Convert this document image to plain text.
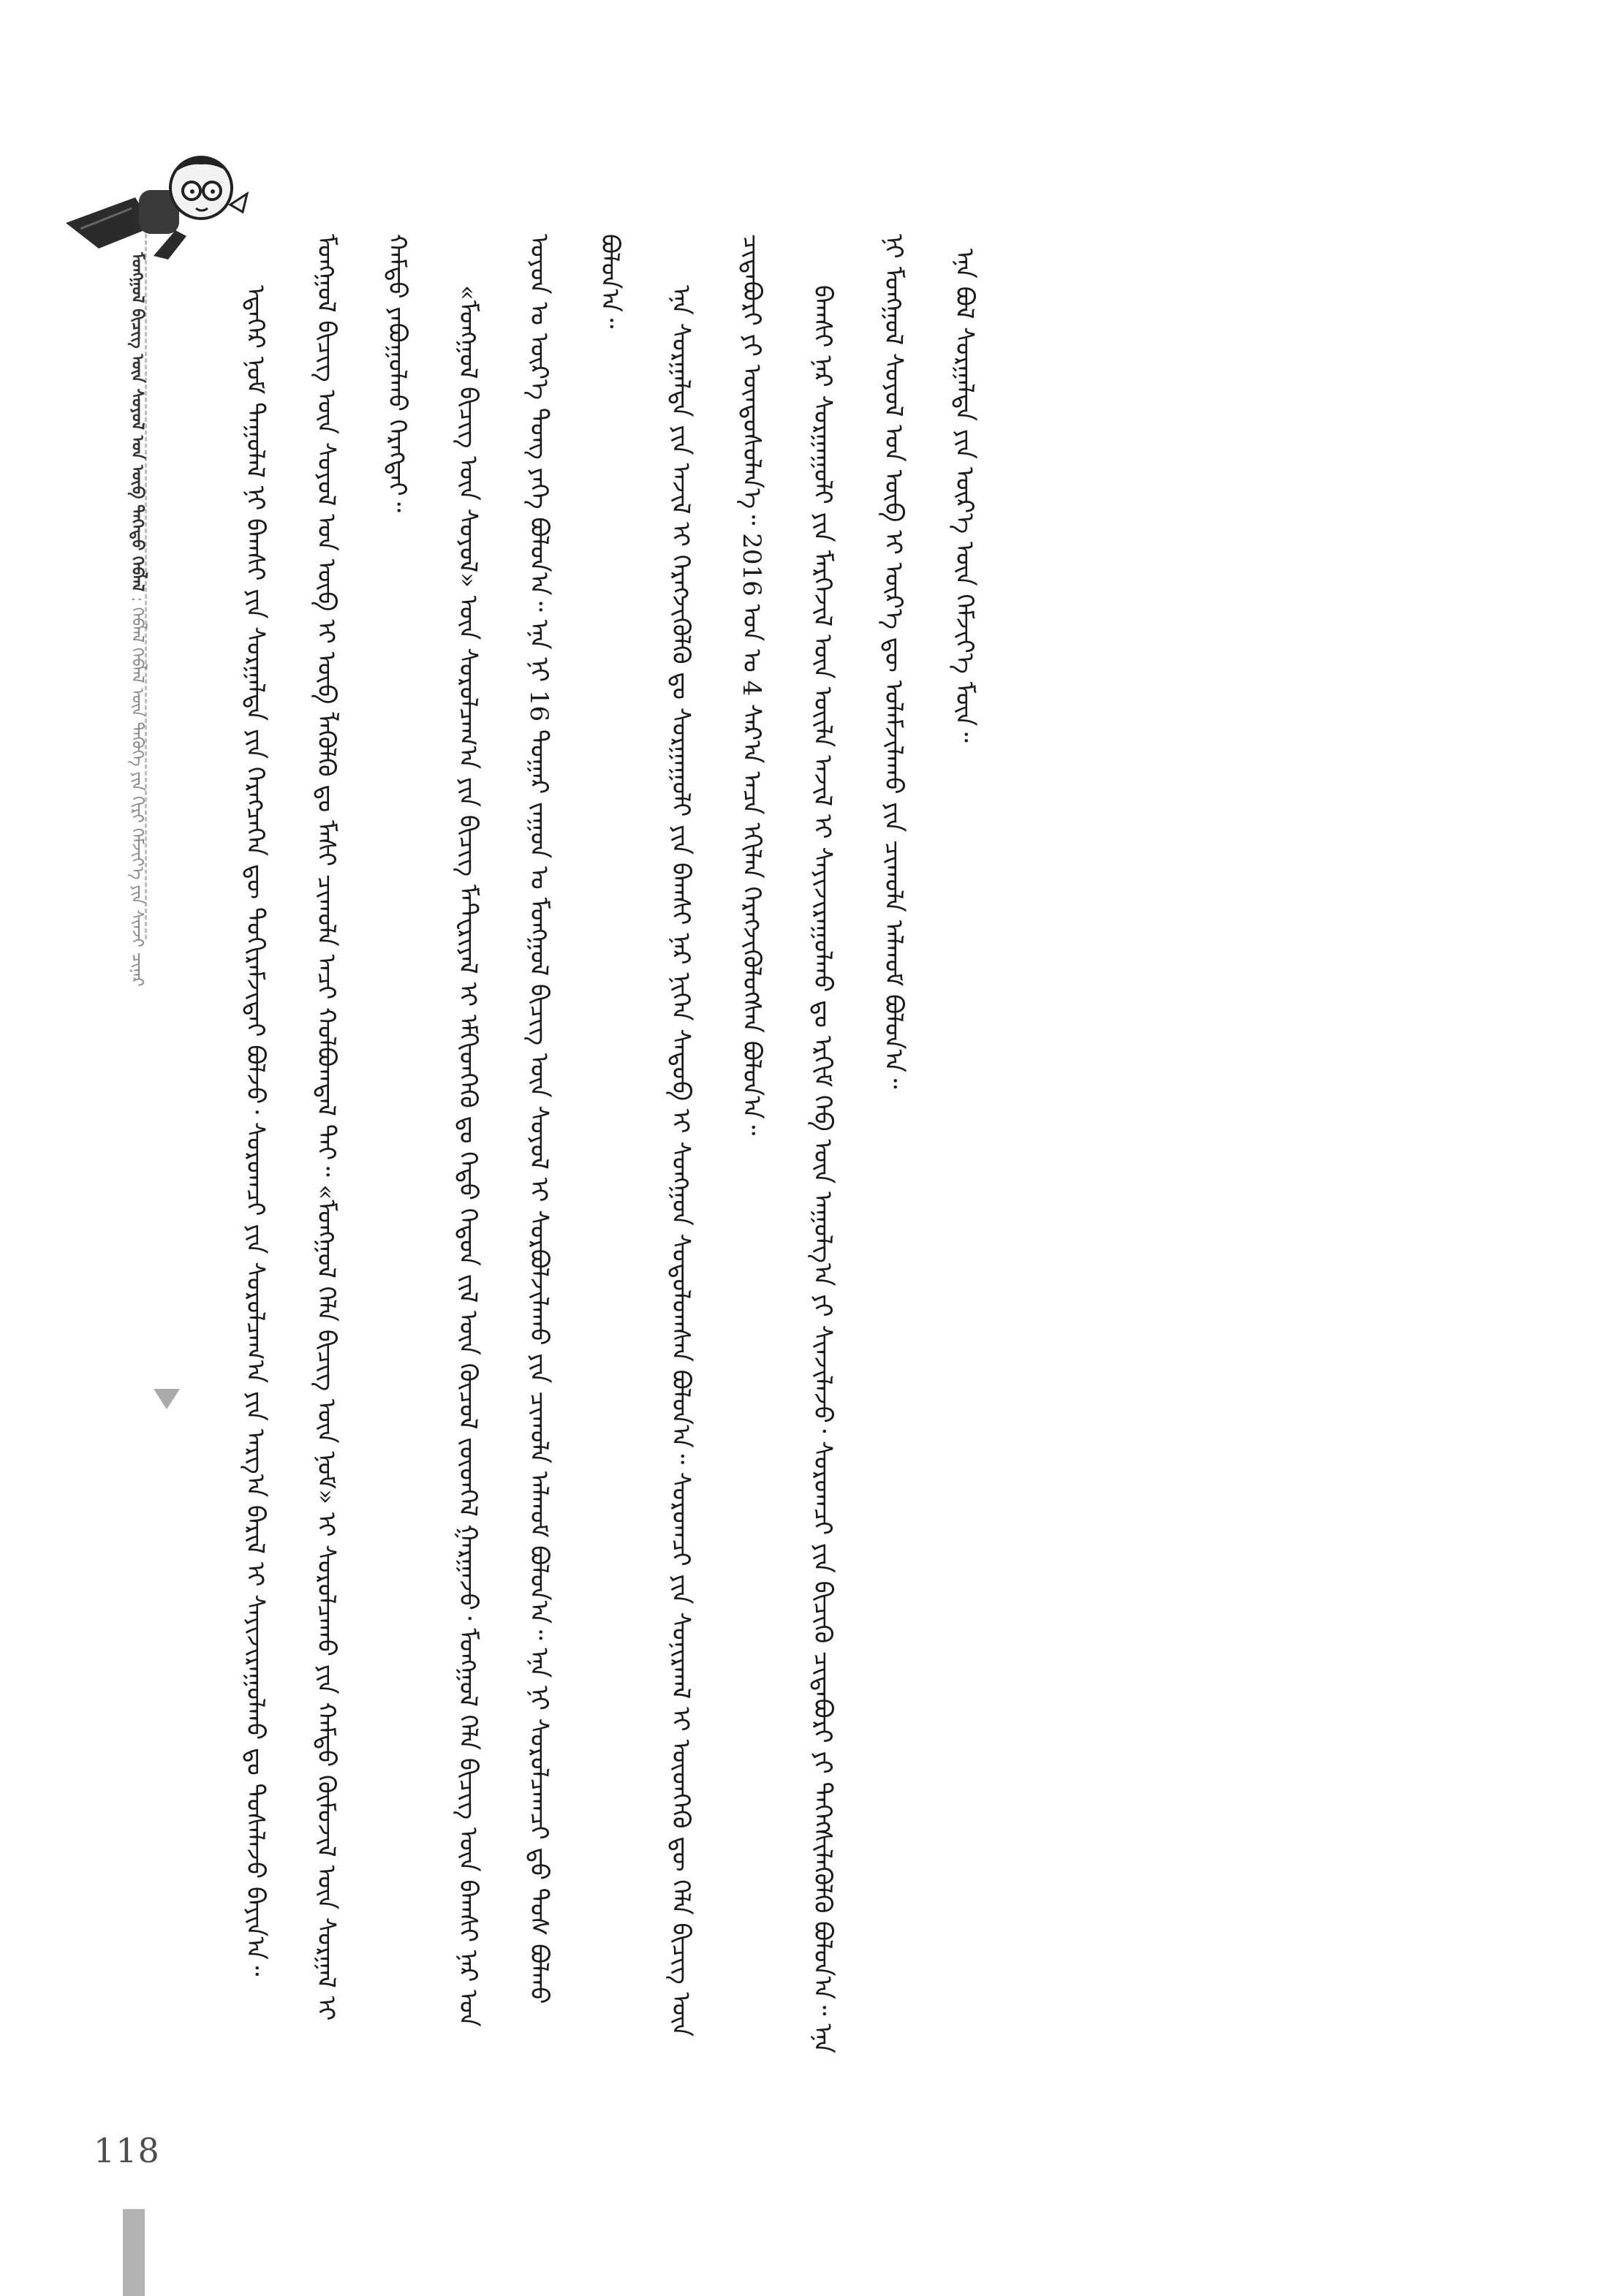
ᠮᠣᠩᠭᠣᠯ ᠪᠢᠴᠢᠭ᠌ ᠦᠨ ᠰᠣᠶᠣᠯ ᠤᠨ ᠦᠪ ᠳᠡᠭᠡᠳᠦ ᠬᠡᠪᠯᠡᠯ : ᠬᠡᠪᠯᠡᠯ ᠬᠡᠪᠯᠡᠯ ᠦᠨ ᠲᠡᠭᠦᠬᠡ ᠶᠢᠨ ᠬᠢᠷᠢ ᠬᠡᠮᠵᠢᠶ᠎ᠡ ᠶᠢᠨ ᠰᠢᠨᠵᠢ ᠴᠢᠨᠠᠷ	ᠡᠳᠡᠭᠡᠷ ᠨᠣᠮ ᠳᠠᠭᠤᠯᠠᠯ ᠨᠢ ᠪᠠᠭᠰᠢ ᠶᠢᠨ ᠰᠤᠷᠭᠠᠯᠲᠠ ᠶᠢᠨ ᠬᠡᠷᠡᠭᠴᠡᠭᠡᠨ ᠳᠦ ᠲᠣᠬᠢᠷᠠᠮᠵᠢᠲᠠᠶ ᠪᠣᠯᠵᠤ᠂ ᠰᠤᠷᠤᠭᠴᠢ ᠶᠢᠨ ᠰᠤᠷᠤᠯᠴᠠᠭ᠎ᠠ ᠶᠢᠨ ᠠᠷᠭ᠎ᠠ ᠪᠠᠷᠢᠯ ᠢ ᠰᠠᠶᠢᠵᠢᠷᠠᠭᠤᠯᠬᠤ ᠳᠤ ᠲᠤᠰᠠᠯᠠᠵᠤ ᠪᠠᠶᠢᠨ᠎ᠠ᠃ ᠮᠣᠩᠭᠣᠯ ᠪᠢᠴᠢᠭ᠌ ᠦᠨ ᠰᠣᠶᠣᠯ ᠤᠨ ᠦᠪ ᠢ ᠥᠪ ᠯᠡᠭᠦᠯᠬᠦ ᠳᠤ ᠮᠠᠰᠢ ᠴᠢᠬᠤᠯᠠ ᠠᠴᠢ ᠬᠣᠯᠪᠣᠭᠳᠠᠯ ᠲᠠᠶ᠃ «ᠮᠣᠩᠭᠣᠯ ᠬᠡᠯᠡ ᠪᠢᠴᠢᠭ᠌ ᠦᠨ ᠨᠣᠮ» ᠢ ᠰᠤᠷᠤᠯᠴᠠᠬᠤ ᠶᠢᠨ ᠬᠠᠮᠲᠤ ᠬᠦᠮᠦᠵᠢᠯ ᠦᠨ ᠰᠤᠷᠭᠠᠯ ᠢ ᠬᠠᠮᠲᠤ ᠶᠠᠪᠤᠭᠤᠯᠬᠤ ᠬᠡᠷᠡᠭᠲᠡᠶ᠃	«ᠮᠣᠩᠭᠣᠯ ᠪᠢᠴᠢᠭ᠌ ᠦᠨ ᠰᠣᠶᠣᠯ» ᠦᠨ ᠰᠤᠷᠤᠯᠴᠠᠭ᠎ᠠ ᠶᠢᠨ ᠪᠢᠴᠢᠭ ᠮᠠᠲ᠋ᠧᠷᠢᠶᠠᠯ ᠢ ᠡᠮᠬᠢᠳᠭᠡᠬᠦ ᠳᠤ ᠬᠡᠳᠦ ᠬᠡᠳᠦᠨ ᠵᠢᠯ ᠦᠨ ᠬᠦᠴᠦᠯ ᠵᠦᠳᠭᠡᠯ ᠭᠠᠷᠭᠠᠵᠤ᠂ ᠮᠣᠩᠭᠣᠯ ᠬᠡᠯᠡ ᠪᠢᠴᠢᠭ᠌ ᠦᠨ ᠪᠠᠭᠰᠢ ᠨᠠᠷ ᠤᠨ ᠣᠶᠤᠨ ᠤ ᠦᠷ᠎ᠡ ᠲᠤᠩ ᠶᠡᠬᠡ ᠪᠣᠯᠤᠨ᠎ᠠ᠃ ᠡᠨᠡ ᠨᠢ 16 ᠳᠤᠭᠠᠷ ᠵᠠᠭᠤᠨ ᠤ ᠮᠣᠩᠭᠣᠯ ᠪᠢᠴᠢᠭ᠌ ᠦᠨ ᠰᠣᠶᠣᠯ ᠢ ᠰᠤᠷᠪᠤᠯᠵᠢᠯᠠᠬᠤ ᠶᠢᠨ ᠴᠢᠬᠤᠯᠠ ᠠᠯᠬᠤᠮ ᠪᠣᠯᠤᠨ᠎ᠠ᠃ ᠡᠨᠡ ᠨᠢ ᠰᠤᠷᠤᠯᠴᠠᠭᠴᠢ ᠳ᠋ᠤ ᠲᠤᠰ ᠪᠣᠯᠬᠤ ᠪᠣᠯᠤᠨ᠎ᠠ᠃

ᠡᠨᠡ ᠰᠤᠷᠭᠠᠯᠲᠠ ᠶᠢᠨ ᠠᠵᠢᠯ ᠢ ᠬᠡᠷᠡᠭᠵᠢᠭᠦᠯᠬᠦ ᠳᠤ ᠰᠤᠷᠭᠠᠭᠤᠯᠢ ᠶᠢᠨ ᠪᠠᠭᠰᠢ ᠨᠠᠷ ᠨᠢᠭᠡᠨ ᠰᠡᠳᠦᠪ ᠢ ᠰᠣᠩᠭᠣᠨ ᠰᠤᠳᠤᠯᠤᠭᠰᠠᠨ ᠪᠣᠯᠤᠨ᠎ᠠ᠃ ᠰᠤᠷᠤᠭᠴᠢ ᠶᠢᠨ ᠰᠣᠨᠢᠷᠬᠠᠯ ᠢ ᠦᠳᠬᠡᠬᠦ ᠳᠦ ᠬᠡᠯᠡ ᠪᠢᠴᠢᠭ᠌ ᠦᠨ ᠴᠢᠳᠠᠪᠤᠷᠢ ᠶᠢ ᠦᠨᠳᠦᠰᠦᠯᠡᠨ᠎ᠡ᠃ 2016 ᠣᠨ ᠤ 4 ᠰᠠᠷ᠎ᠠ ᠠᠴᠠ ᠡᠬᠢᠯᠡᠨ ᠬᠡᠷᠡᠭᠵᠢᠭᠦᠯᠦᠭᠰᠡᠨ ᠪᠣᠯᠤᠨ᠎ᠠ᠃	ᠪᠠᠭᠰᠢ ᠨᠠᠷ ᠰᠤᠷᠭᠠᠭᠤᠯᠢ ᠶᠢᠨ ᠮᠡᠷᠭᠡᠵᠢᠯ ᠦᠨ ᠦᠢᠯᠡ ᠠᠵᠢᠯ ᠢ ᠰᠠᠶᠢᠵᠢᠷᠠᠭᠤᠯᠬᠤ ᠳᠤ ᠡᠷᠬᠢᠮ ᠬᠡᠪ ᠦᠨ ᠠᠭᠤᠯᠭ᠎ᠠ ᠶᠢ ᠰᠢᠨᠵᠢᠯᠡᠵᠦ᠂ ᠰᠤᠷᠤᠭᠴᠢ ᠶᠢᠨ ᠪᠢᠴᠢᠬᠦ ᠴᠢᠳᠠᠪᠤᠷᠢ ᠶᠢ ᠳᠡᠭᠡᠭᠰᠢᠯᠡᠭᠦᠯᠬᠦ ᠪᠣᠯᠤᠨ᠎ᠠ᠃ ᠡᠨᠡ ᠨᠢ ᠮᠣᠩᠭᠣᠯ ᠰᠣᠶᠣᠯ ᠤᠨ ᠦᠪ ᠢ ᠦᠷ᠎ᠡ ᠳᠦ ᠤᠯᠠᠮᠵᠢᠯᠠᠬᠤ ᠶᠢᠨ ᠴᠢᠬᠤᠯᠠ ᠠᠯᠬᠤᠮ ᠪᠣᠯᠤᠨ᠎ᠠ᠃	ᠡᠨᠡ ᠪᠣᠯ ᠰᠤᠷᠭᠠᠯᠲᠠ ᠶᠢᠨ ᠦᠷ᠎ᠡ ᠦᠨ ᠬᠡᠮᠵᠢᠶ᠎ᠡ ᠮᠦᠨ᠃

118
